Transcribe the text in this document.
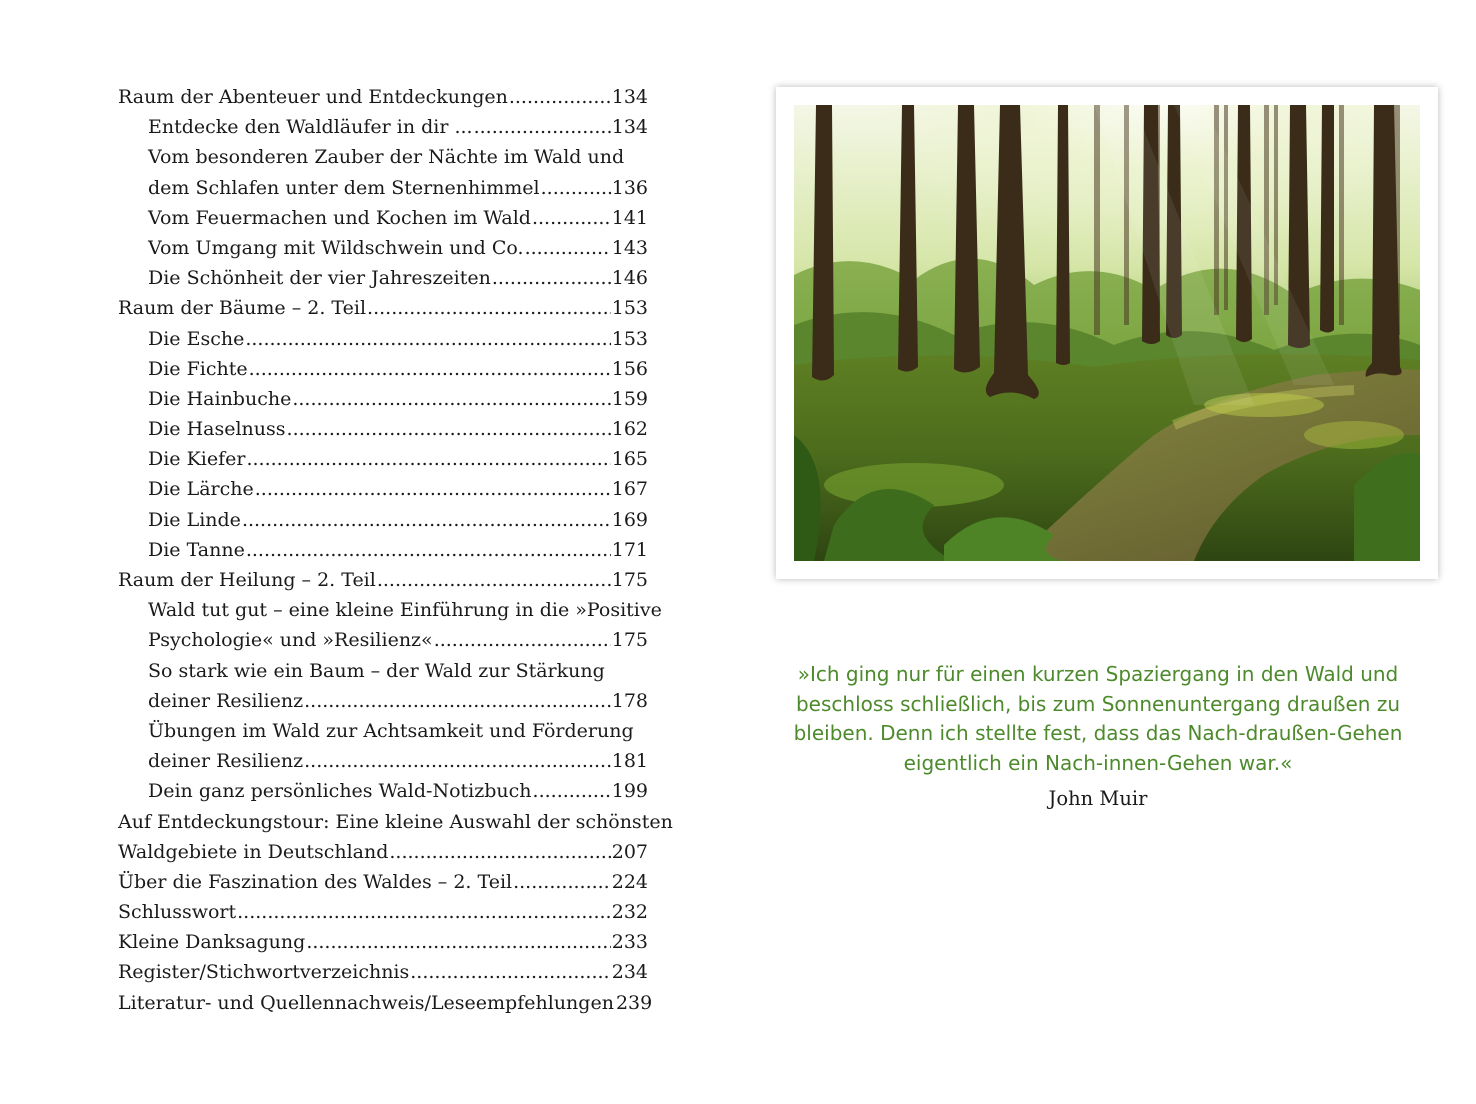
Raum der Abenteuer und Entdeckungen .....	134
Entdecke den Waldläufer in dir ... .....	134
Vom besonderen Zauber der Nächte im Wald und
dem Schlafen unter dem Sternenhimmel .....	136
Vom Feuermachen und Kochen im Wald .....	141
Vom Umgang mit Wildschwein und Co. .....	143
Die Schönheit der vier Jahreszeiten .....	146
Raum der Bäume – 2. Teil .....	153
Die Esche .....	153
Die Fichte .....	156
Die Hainbuche .....	159
Die Haselnuss .....	162
Die Kiefer .....	165
Die Lärche .....	167
Die Linde .....	169
Die Tanne .....	171
Raum der Heilung – 2. Teil .....	175
Wald tut gut – eine kleine Einführung in die »Positive
Psychologie« und »Resilienz« .....	175
So stark wie ein Baum – der Wald zur Stärkung
deiner Resilienz .....	178
Übungen im Wald zur Achtsamkeit und Förderung
deiner Resilienz .....	181
Dein ganz persönliches Wald-Notizbuch .....	199
Auf Entdeckungstour: Eine kleine Auswahl der schönsten
Waldgebiete in Deutschland .....	207
Über die Faszination des Waldes – 2. Teil .....	224
Schlusswort .....	232
Kleine Danksagung .....	233
Register/Stichwortverzeichnis .....	234
Literatur- und Quellennachweis/Leseempfehlungen 239

»Ich ging nur für einen kurzen Spaziergang in den Wald und beschloss schließlich, bis zum Sonnenuntergang draußen zu bleiben. Denn ich stellte fest, dass das Nach-draußen-Gehen eigentlich ein Nach-innen-Gehen war.«

John Muir
